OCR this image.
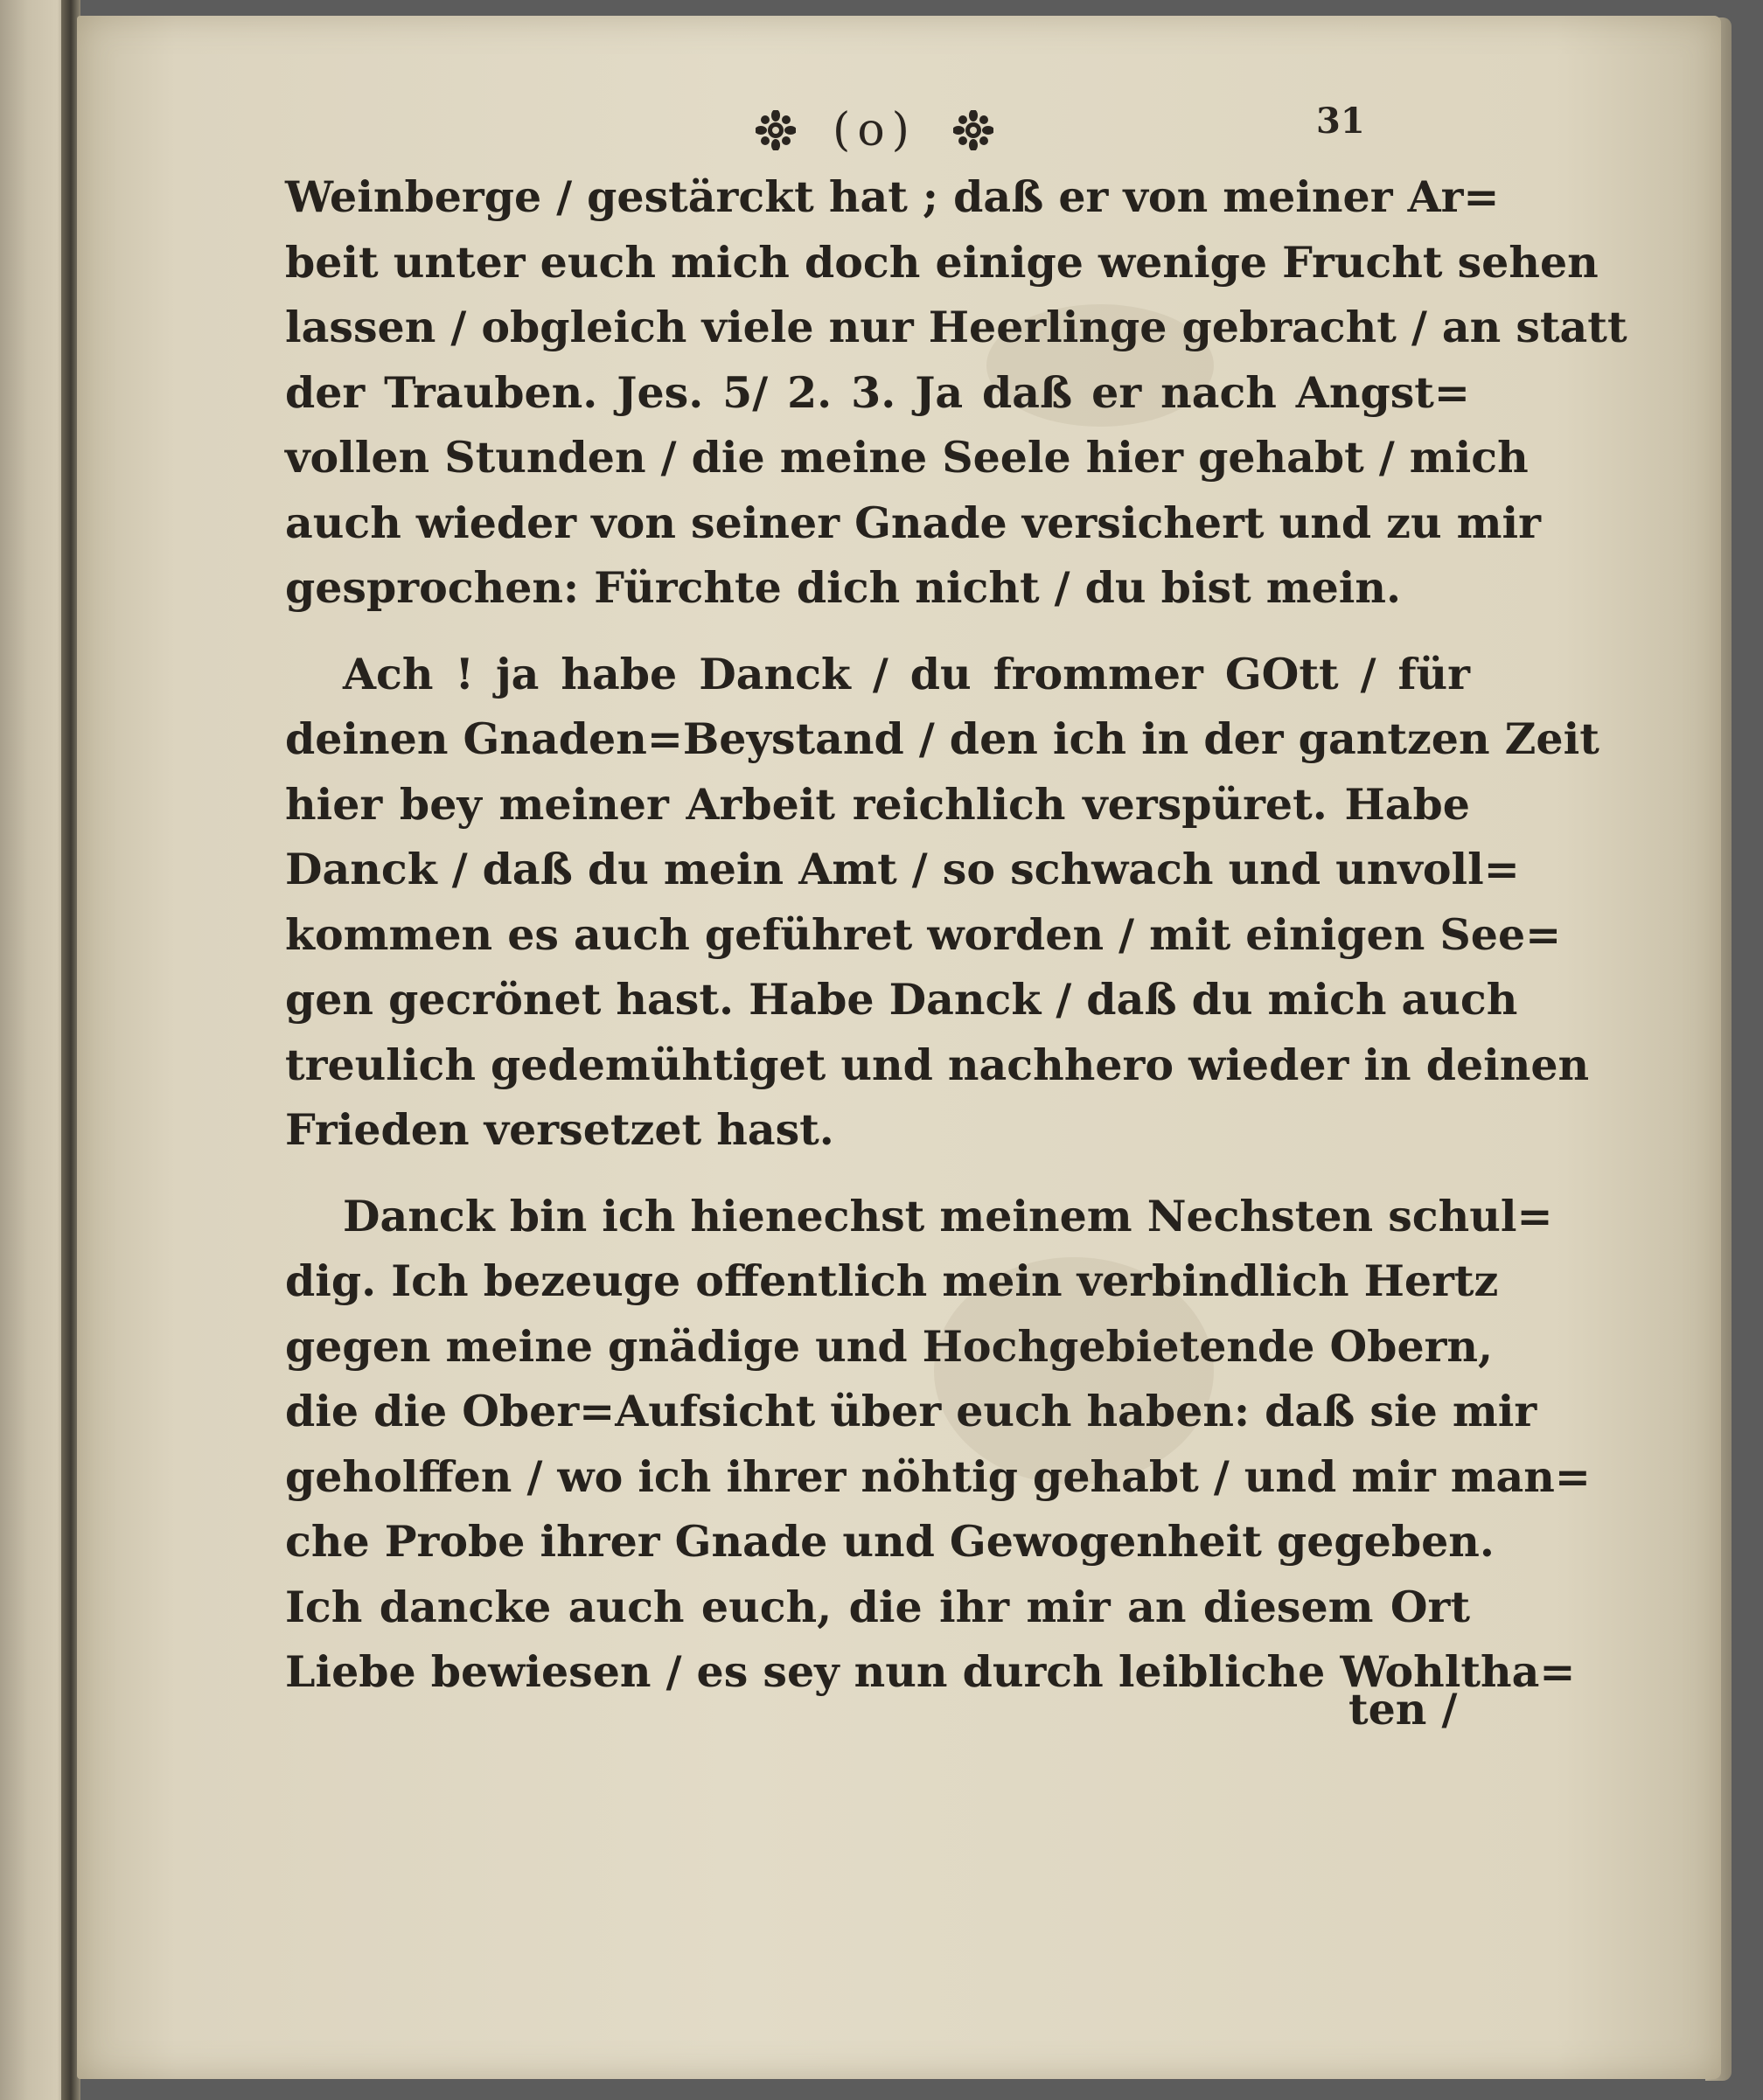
(o)	31
Weinberge / gestärckt hat ; daß er von meiner Ar=
beit unter euch mich doch einige wenige Frucht sehen
lassen / obgleich viele nur Heerlinge gebracht / an statt
der Trauben. Jes. 5/ 2. 3. Ja daß er nach Angst=
vollen Stunden / die meine Seele hier gehabt / mich
auch wieder von seiner Gnade versichert und zu mir
gesprochen: Fürchte dich nicht / du bist mein.
Ach ! ja habe Danck / du frommer GOtt / für
deinen Gnaden=Beystand / den ich in der gantzen Zeit
hier bey meiner Arbeit reichlich verspüret. Habe
Danck / daß du mein Amt / so schwach und unvoll=
kommen es auch geführet worden / mit einigen See=
gen gecrönet hast. Habe Danck / daß du mich auch
treulich gedemühtiget und nachhero wieder in deinen
Frieden versetzet hast.
Danck bin ich hienechst meinem Nechsten schul=
dig. Ich bezeuge offentlich mein verbindlich Hertz
gegen meine gnädige und Hochgebietende Obern,
die die Ober=Aufsicht über euch haben: daß sie mir
geholffen / wo ich ihrer nöhtig gehabt / und mir man=
che Probe ihrer Gnade und Gewogenheit gegeben.
Ich dancke auch euch, die ihr mir an diesem Ort
Liebe bewiesen / es sey nun durch leibliche Wohltha=
ten /
